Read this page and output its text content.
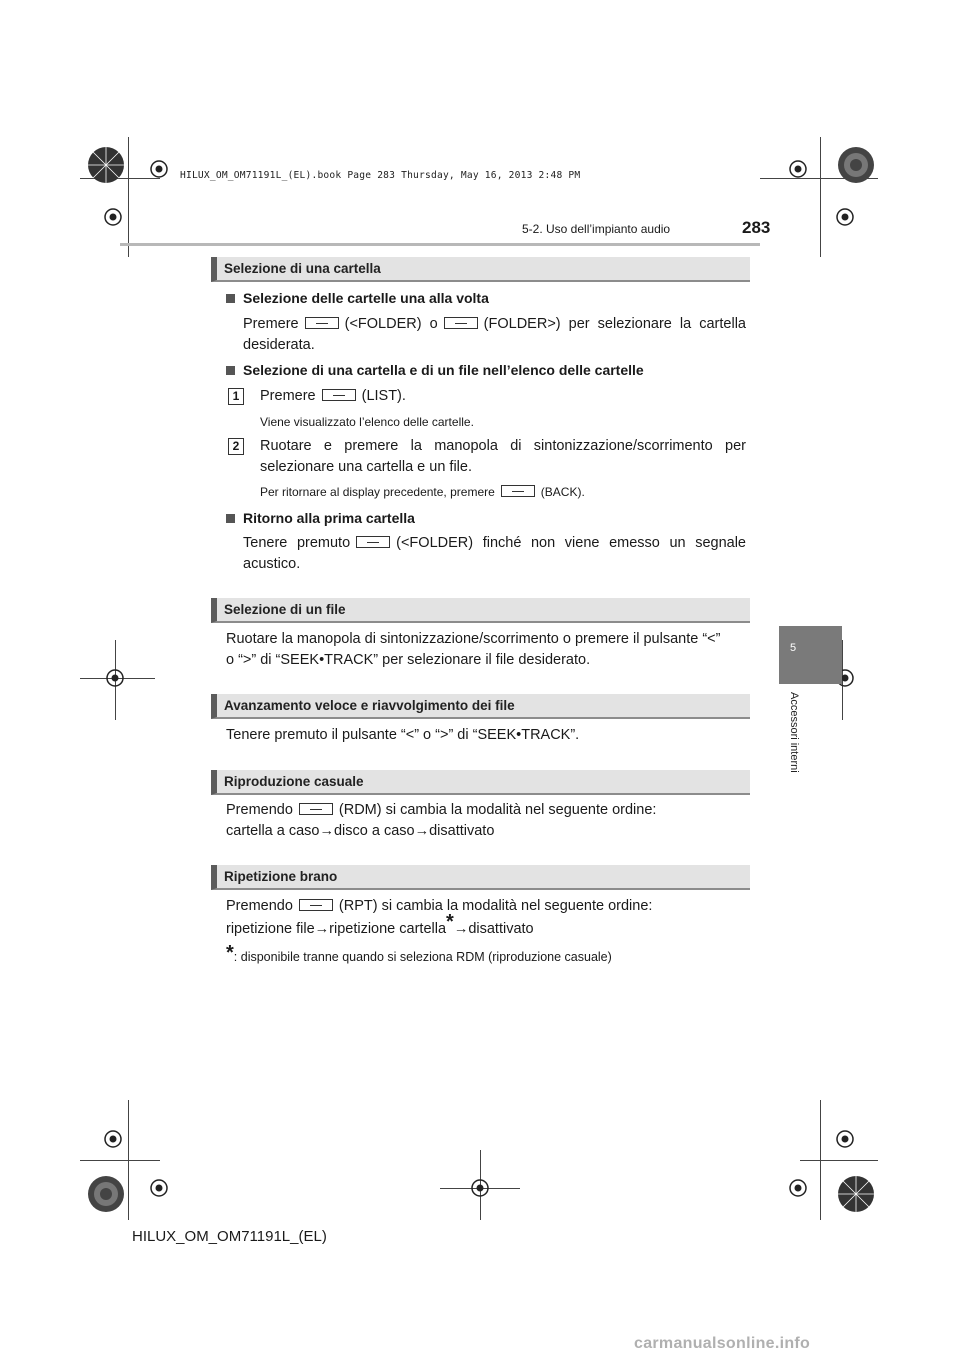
HILUX_OM_OM71191L_(EL).book Page 283 Thursday, May 16, 2013 2:48 PM
5-2. Uso dell’impianto audio	283
5
Accessori interni
Selezione di una cartella
Selezione delle cartelle una alla volta
Premere	(<FOLDER) o	(FOLDER>) per selezionare la cartella
desiderata.
Selezione di una cartella e di un file nell’elenco delle cartelle
1	Premere	(LIST).
Viene visualizzato l’elenco delle cartelle.
2	Ruotare e premere la manopola di sintonizzazione/scorrimento per
selezionare una cartella e un file.
Per ritornare al display precedente, premere	(BACK).
Ritorno alla prima cartella
Tenere premuto	(<FOLDER) finché non viene emesso un segnale
acustico.
Selezione di un file
Ruotare la manopola di sintonizzazione/scorrimento o premere il pulsante “<”
o “>” di “SEEK•TRACK” per selezionare il file desiderato.
Avanzamento veloce e riavvolgimento dei file
Tenere premuto il pulsante “<” o “>” di “SEEK•TRACK”.
Riproduzione casuale
Premendo	(RDM) si cambia la modalità nel seguente ordine:
cartella a caso→disco a caso→disattivato
Ripetizione brano
Premendo	(RPT) si cambia la modalità nel seguente ordine:
ripetizione file→ripetizione cartella*→disattivato
*: disponibile tranne quando si seleziona RDM (riproduzione casuale)
HILUX_OM_OM71191L_(EL)
carmanualsonline.info
